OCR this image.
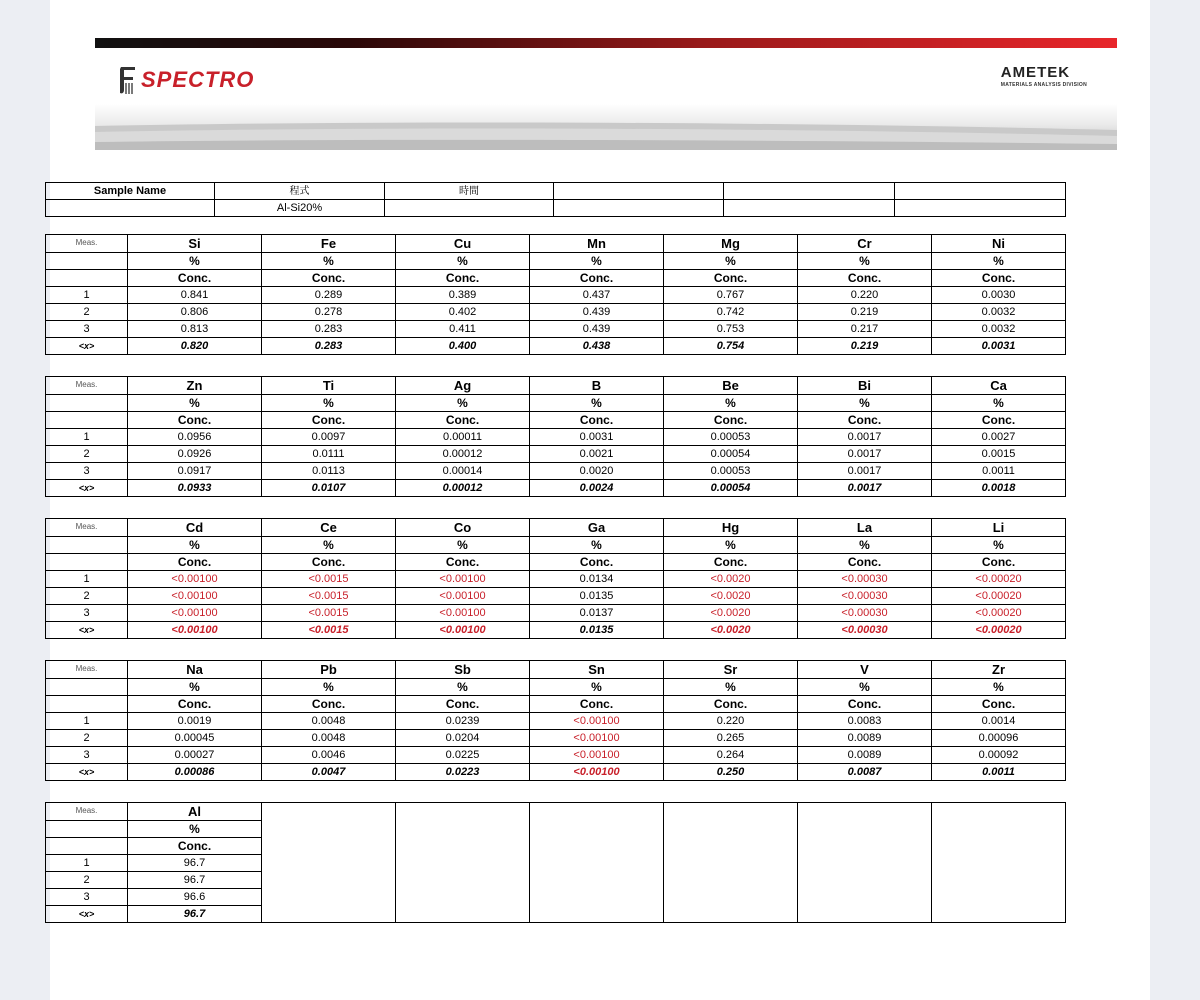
SPECTRO	AMETEK
MATERIALS ANALYSIS DIVISION
Sample Name	程式	時間			
	Al-Si20%				
Meas.	Si	Fe	Cu	Mn	Mg	Cr	Ni
	%	%	%	%	%	%	%
	Conc.	Conc.	Conc.	Conc.	Conc.	Conc.	Conc.
1	0.841	0.289	0.389	0.437	0.767	0.220	0.0030
2	0.806	0.278	0.402	0.439	0.742	0.219	0.0032
3	0.813	0.283	0.411	0.439	0.753	0.217	0.0032
<x>	0.820	0.283	0.400	0.438	0.754	0.219	0.0031
Meas.	Zn	Ti	Ag	B	Be	Bi	Ca
	%	%	%	%	%	%	%
	Conc.	Conc.	Conc.	Conc.	Conc.	Conc.	Conc.
1	0.0956	0.0097	0.00011	0.0031	0.00053	0.0017	0.0027
2	0.0926	0.0111	0.00012	0.0021	0.00054	0.0017	0.0015
3	0.0917	0.0113	0.00014	0.0020	0.00053	0.0017	0.0011
<x>	0.0933	0.0107	0.00012	0.0024	0.00054	0.0017	0.0018
Meas.	Cd	Ce	Co	Ga	Hg	La	Li
	%	%	%	%	%	%	%
	Conc.	Conc.	Conc.	Conc.	Conc.	Conc.	Conc.
1	<0.00100	<0.0015	<0.00100	0.0134	<0.0020	<0.00030	<0.00020
2	<0.00100	<0.0015	<0.00100	0.0135	<0.0020	<0.00030	<0.00020
3	<0.00100	<0.0015	<0.00100	0.0137	<0.0020	<0.00030	<0.00020
<x>	<0.00100	<0.0015	<0.00100	0.0135	<0.0020	<0.00030	<0.00020
Meas.	Na	Pb	Sb	Sn	Sr	V	Zr
	%	%	%	%	%	%	%
	Conc.	Conc.	Conc.	Conc.	Conc.	Conc.	Conc.
1	0.0019	0.0048	0.0239	<0.00100	0.220	0.0083	0.0014
2	0.00045	0.0048	0.0204	<0.00100	0.265	0.0089	0.00096
3	0.00027	0.0046	0.0225	<0.00100	0.264	0.0089	0.00092
<x>	0.00086	0.0047	0.0223	<0.00100	0.250	0.0087	0.0011
Meas.	Al						
	%						
	Conc.						
1	96.7						
2	96.7						
3	96.6						
<x>	96.7						
